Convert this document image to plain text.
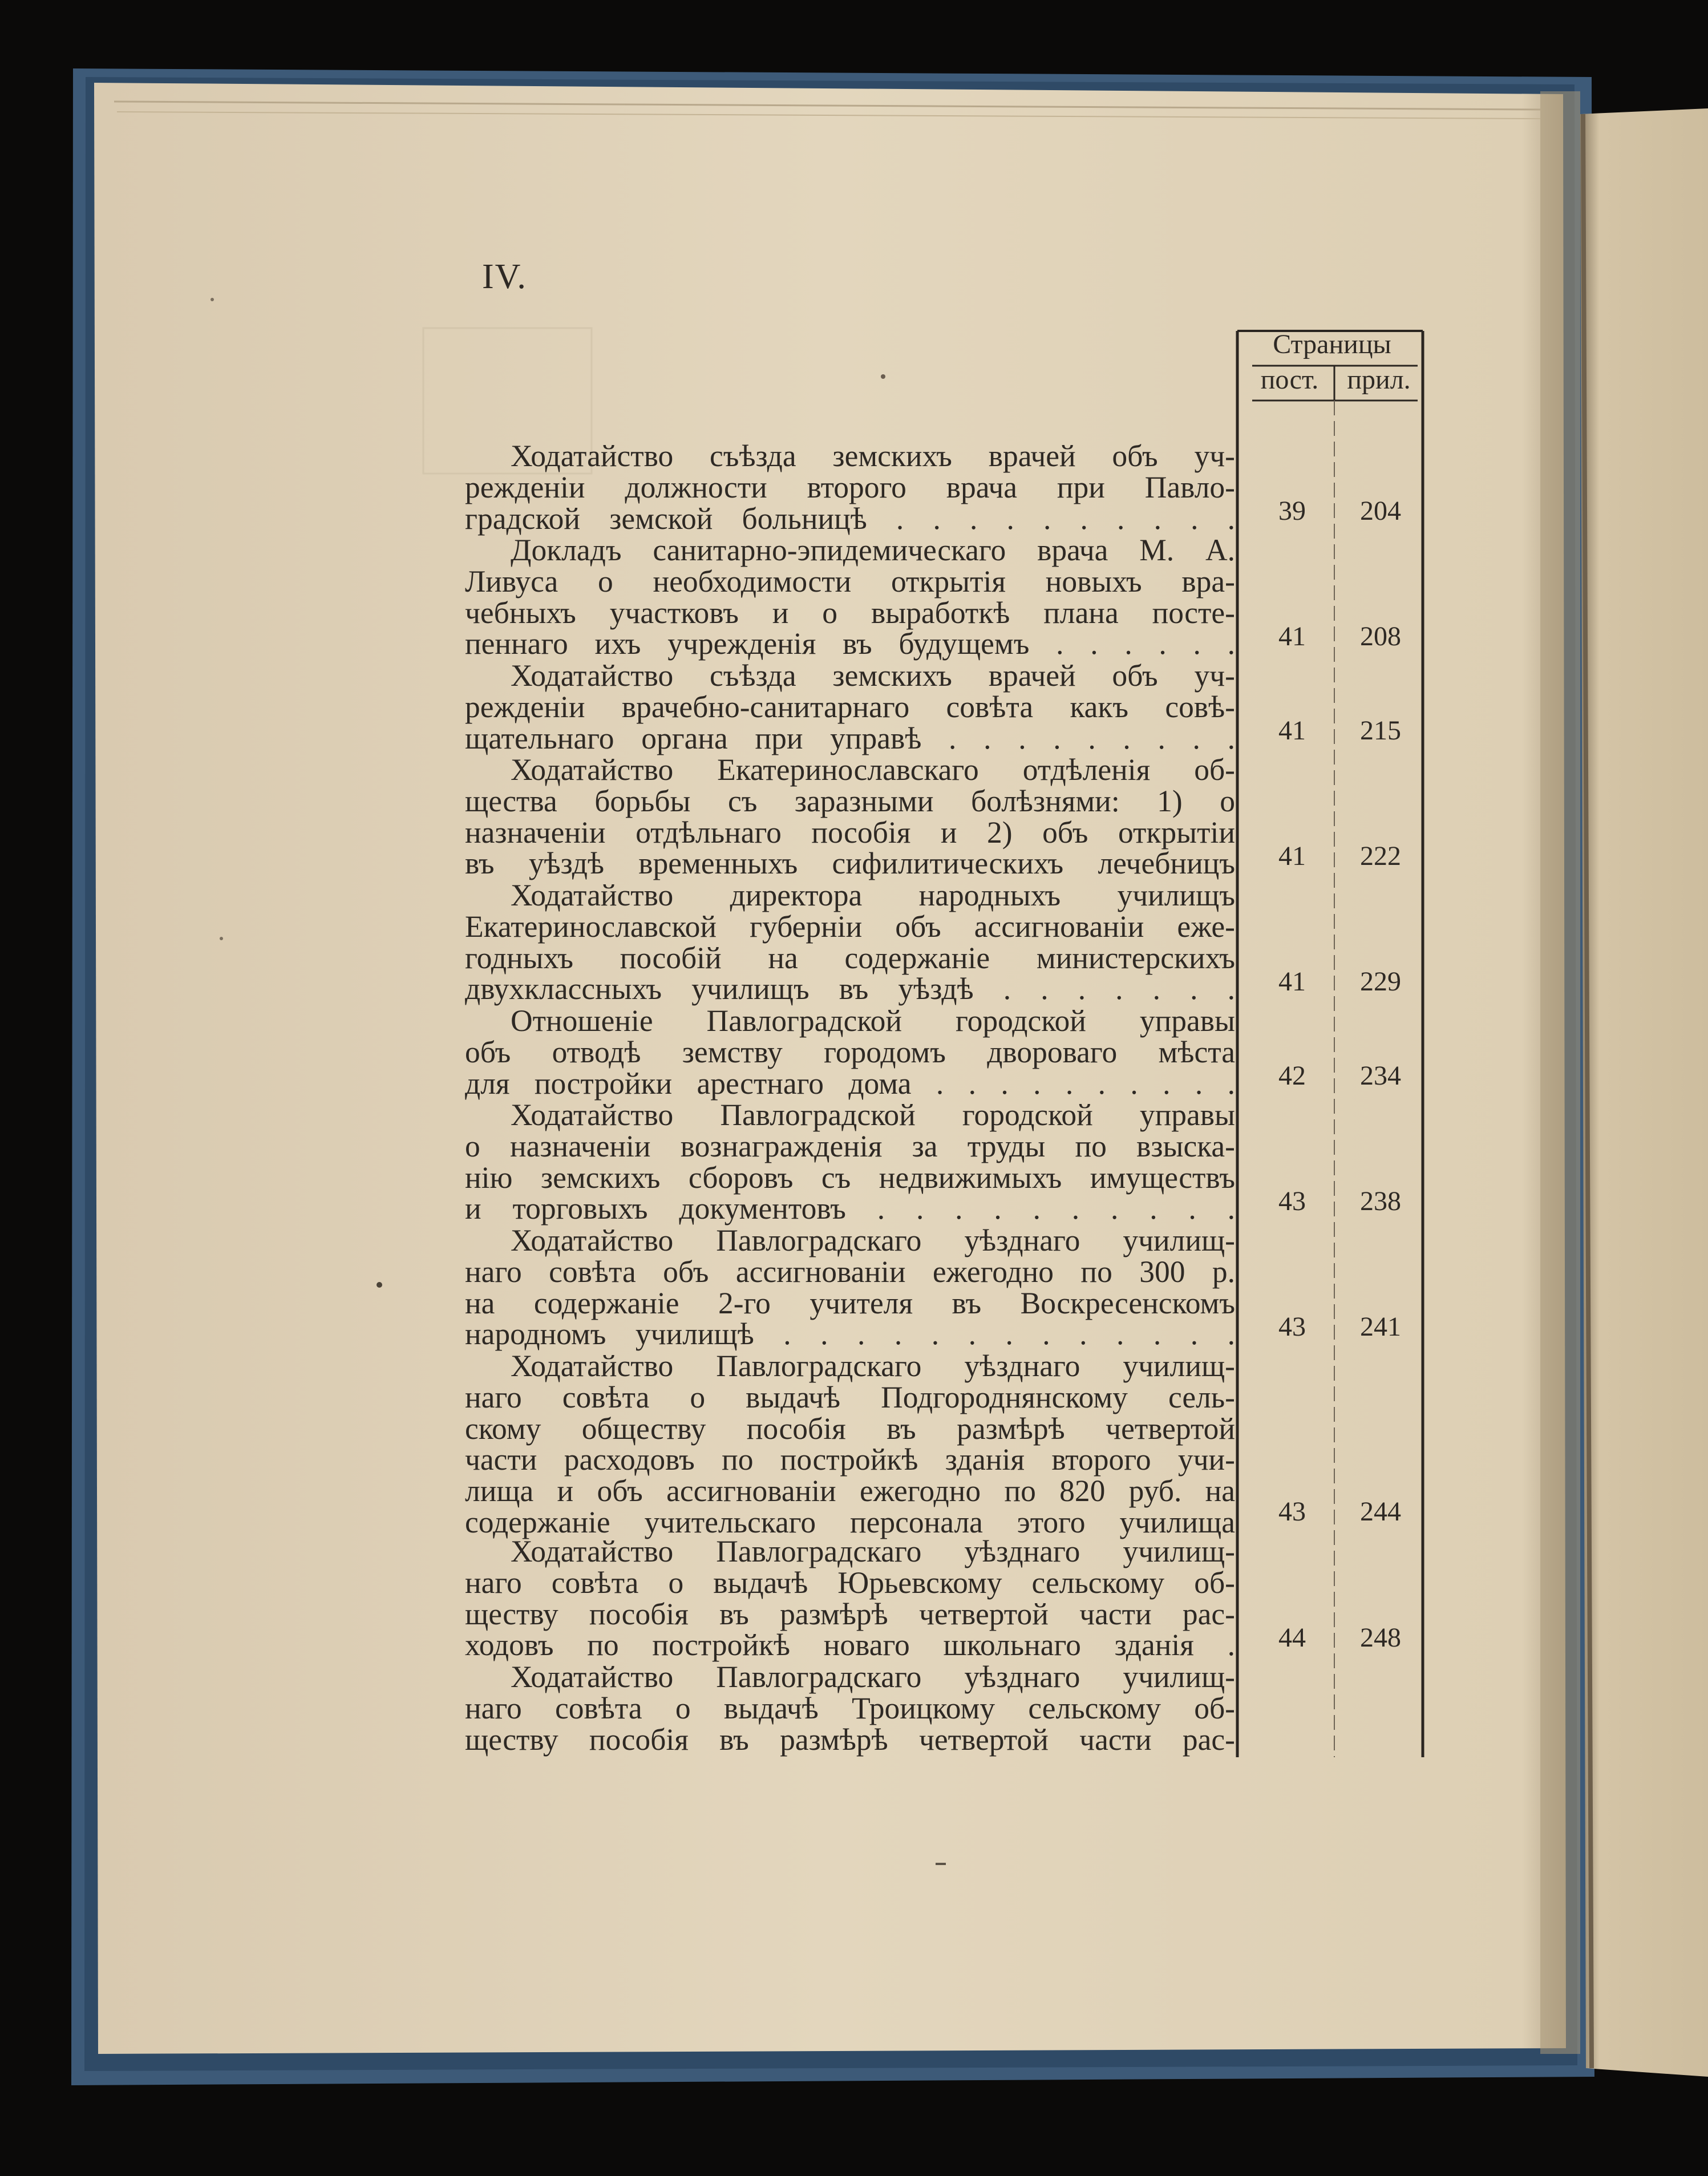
IV.
Страницы
пост.	прил.
Ходатайство съѣзда земскихъ врачей объ уч-
режденіи должности второго врача при Павло-
градской земской больницѣ . . . . . . . . . .	39	204
Докладъ санитарно-эпидемическаго врача М. А.
Ливуса о необходимости открытія новыхъ вра-
чебныхъ участковъ и о выработкѣ плана посте-
пеннаго ихъ учрежденія въ будущемъ . . . . . .	41	208
Ходатайство съѣзда земскихъ врачей объ уч-
режденіи врачебно-санитарнаго совѣта какъ совѣ-
щательнаго органа при управѣ . . . . . . . . .	41	215
Ходатайство Екатеринославскаго отдѣленія об-
щества борьбы съ заразными болѣзнями: 1) о
назначеніи отдѣльнаго пособія и 2) объ открытіи
въ уѣздѣ временныхъ сифилитическихъ лечебницъ	41	222
Ходатайство директора народныхъ училищъ
Екатеринославской губерніи объ ассигнованіи еже-
годныхъ пособій на содержаніе министерскихъ
двухклассныхъ училищъ въ уѣздѣ . . . . . . .	41	229
Отношеніе Павлоградской городской управы
объ отводѣ земству городомъ двороваго мѣста
для постройки арестнаго дома . . . . . . . . . .	42	234
Ходатайство Павлоградской городской управы
о назначеніи вознагражденія за труды по взыска-
нію земскихъ сборовъ съ недвижимыхъ имуществъ
и торговыхъ документовъ . . . . . . . . . .	43	238
Ходатайство Павлоградскаго уѣзднаго училищ-
наго совѣта объ ассигнованіи ежегодно по 300 р.
на содержаніе 2-го учителя въ Воскресенскомъ
народномъ училищѣ . . . . . . . . . . . . .	43	241
Ходатайство Павлоградскаго уѣзднаго училищ-
наго совѣта о выдачѣ Подгороднянскому сель-
скому обществу пособія въ размѣрѣ четвертой
части расходовъ по постройкѣ зданія второго учи-
лища и объ ассигнованіи ежегодно по 820 руб. на
содержаніе учительскаго персонала этого училища	43	244
Ходатайство Павлоградскаго уѣзднаго училищ-
наго совѣта о выдачѣ Юрьевскому сельскому об-
ществу пособія въ размѣрѣ четвертой части рас-
ходовъ по постройкѣ новаго школьнаго зданія .	44	248
Ходатайство Павлоградскаго уѣзднаго училищ-
наго совѣта о выдачѣ Троицкому сельскому об-
ществу пособія въ размѣрѣ четвертой части рас-
